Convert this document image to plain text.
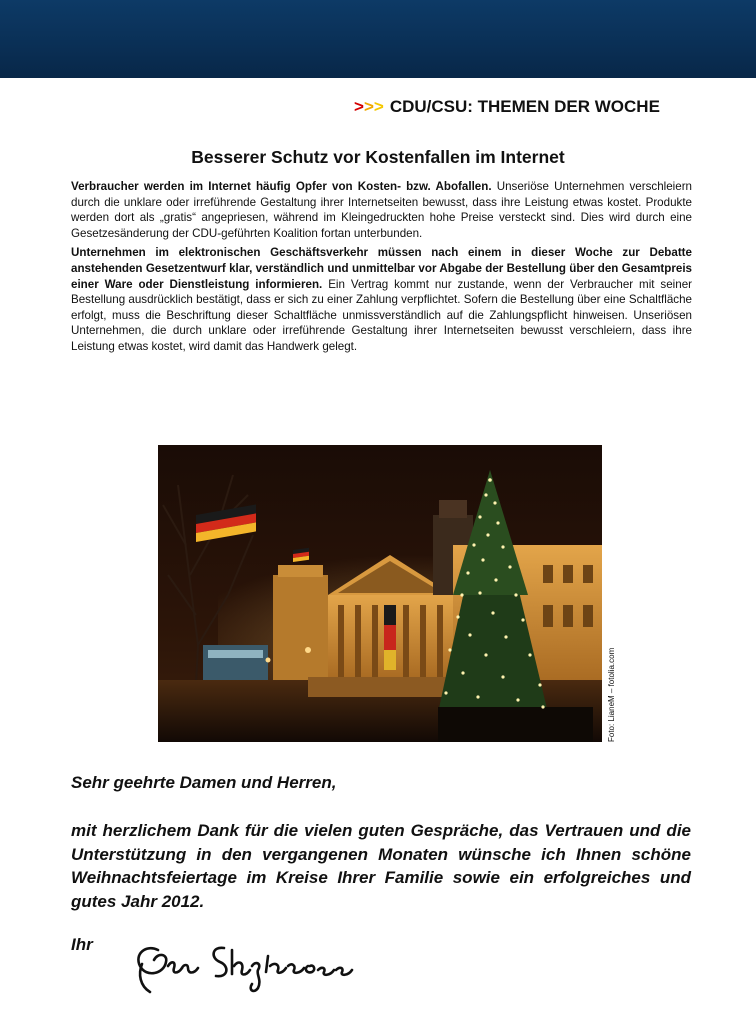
>>> CDU/CSU: THEMEN DER WOCHE
Besserer Schutz vor Kostenfallen im Internet

Verbraucher werden im Internet häufig Opfer von Kosten- bzw. Abofallen. Unseriöse Unternehmen verschleiern durch die unklare oder irreführende Gestaltung ihrer Internetseiten bewusst, dass ihre Leistung etwas kostet. Produkte werden dort als „gratis“ angepriesen, während im Kleingedruckten hohe Preise versteckt sind. Dies wird durch eine Gesetzesänderung der CDU-geführten Koalition fortan unterbunden.

Unternehmen im elektronischen Geschäftsverkehr müssen nach einem in dieser Woche zur Debatte anstehenden Gesetzentwurf klar, verständlich und unmittelbar vor Abgabe der Bestellung über den Gesamtpreis einer Ware oder Dienstleistung informieren. Ein Vertrag kommt nur zustande, wenn der Verbraucher mit seiner Bestellung ausdrücklich bestätigt, dass er sich zu einer Zahlung verpflichtet. Sofern die Bestellung über eine Schaltfläche erfolgt, muss die Beschriftung dieser Schaltfläche unmissverständlich auf die Zahlungspflicht hinweisen. Unseriösen Unternehmen, die durch unklare oder irreführende Gestaltung ihrer Internetseiten bewusst verschleiern, dass ihre Leistung etwas kostet, wird damit das Handwerk gelegt.

Foto: LianeM – fotolia.com
Sehr geehrte Damen und Herren,
mit herzlichem Dank für die vielen guten Gespräche, das Vertrauen und die Unterstützung in den vergangenen Monaten wünsche ich Ihnen schöne Weihnachtsfeiertage im Kreise Ihrer Familie sowie ein erfolgreiches und gutes Jahr 2012.
Ihr
